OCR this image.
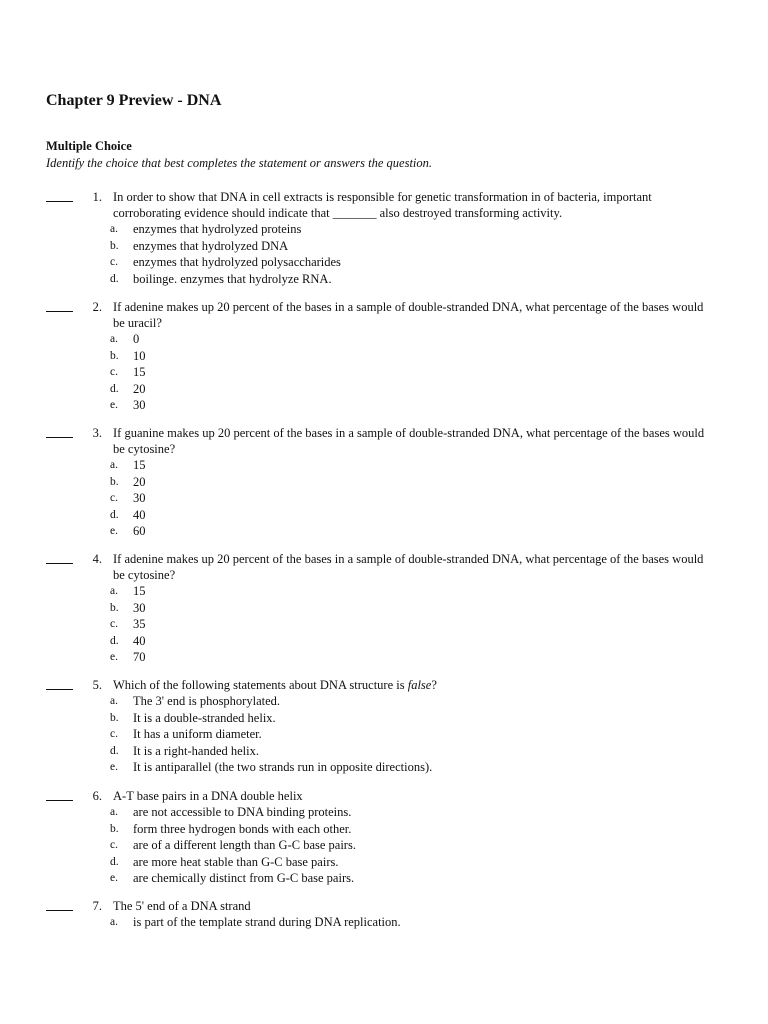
Chapter 9 Preview - DNA
Multiple Choice
Identify the choice that best completes the statement or answers the question.
1. In order to show that DNA in cell extracts is responsible for genetic transformation in of bacteria, important corroborating evidence should indicate that _______ also destroyed transforming activity.
a.	enzymes that hydrolyzed proteins
b.	enzymes that hydrolyzed DNA
c.	enzymes that hydrolyzed polysaccharides
d.	boilinge. enzymes that hydrolyze RNA.
2. If adenine makes up 20 percent of the bases in a sample of double-stranded DNA, what percentage of the bases would be uracil?
a.	0
b.	10
c.	15
d.	20
e.	30
3. If guanine makes up 20 percent of the bases in a sample of double-stranded DNA, what percentage of the bases would be cytosine?
a.	15
b.	20
c.	30
d.	40
e.	60
4. If adenine makes up 20 percent of the bases in a sample of double-stranded DNA, what percentage of the bases would be cytosine?
a.	15
b.	30
c.	35
d.	40
e.	70
5. Which of the following statements about DNA structure is false?
a.	The 3' end is phosphorylated.
b.	It is a double-stranded helix.
c.	It has a uniform diameter.
d.	It is a right-handed helix.
e.	It is antiparallel (the two strands run in opposite directions).
6. A-T base pairs in a DNA double helix
a.	are not accessible to DNA binding proteins.
b.	form three hydrogen bonds with each other.
c.	are of a different length than G-C base pairs.
d.	are more heat stable than G-C base pairs.
e.	are chemically distinct from G-C base pairs.
7. The 5' end of a DNA strand
a.	is part of the template strand during DNA replication.
